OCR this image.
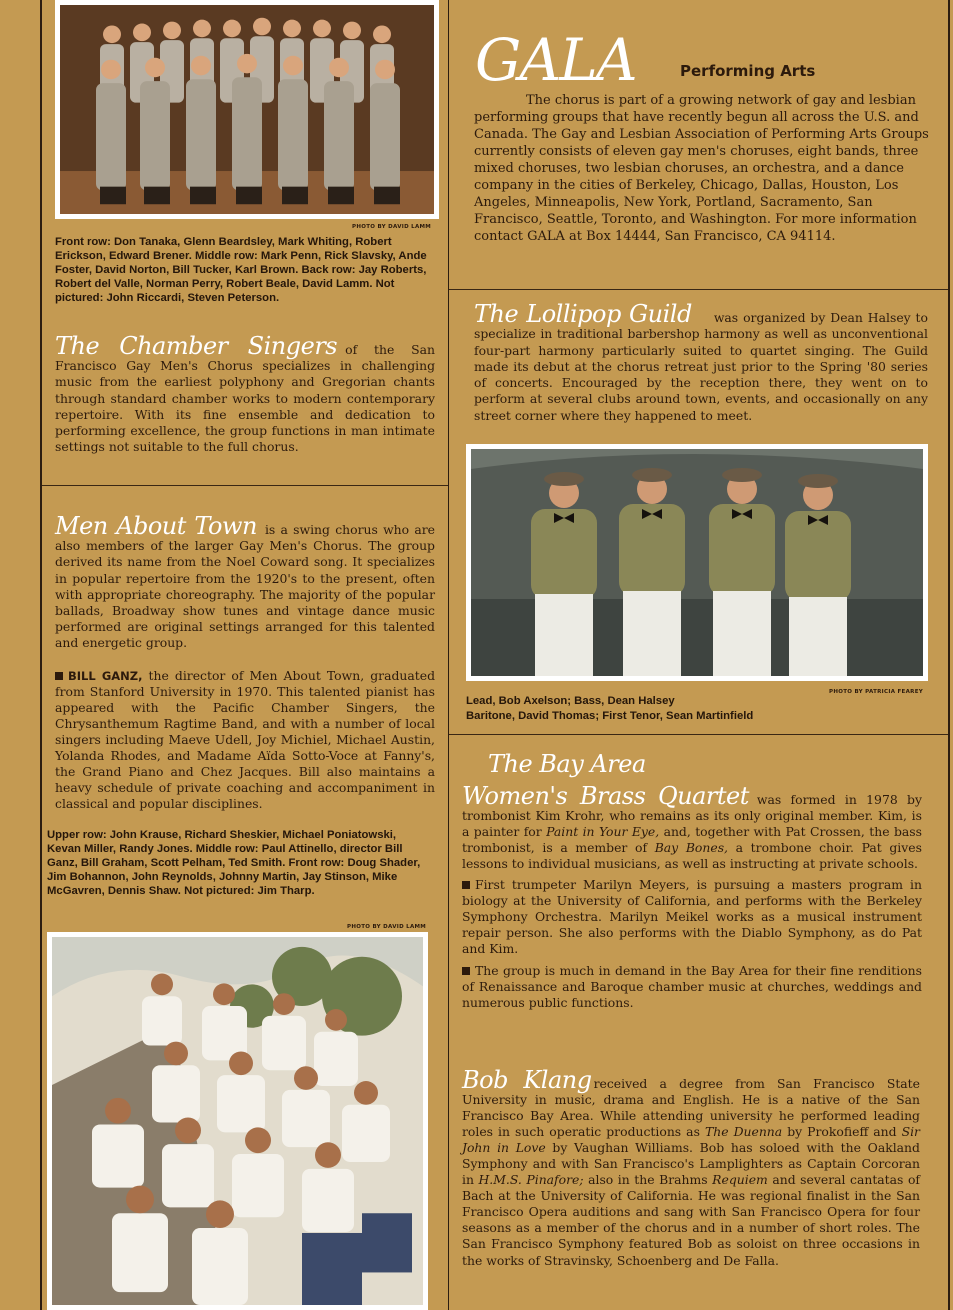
PHOTO BY DAVID LAMM
Front row: Don Tanaka, Glenn Beardsley, Mark Whiting, Robert Erickson, Edward Brener. Middle row: Mark Penn, Rick Slavsky, Ande Foster, David Norton, Bill Tucker, Karl Brown. Back row: Jay Roberts, Robert del Valle, Norman Perry, Robert Beale, David Lamm. Not pictured: John Riccardi, Steven Peterson.

The Chamber Singers of the San Francisco Gay Men's Chorus specializes in challenging music from the earliest polyphony and Gregorian chants through standard chamber works to modern contemporary repertoire. With its fine ensemble and dedication to performing excellence, the group functions in man intimate settings not suitable to the full chorus.

Men About Town is a swing chorus who are also members of the larger Gay Men's Chorus. The group derived its name from the Noel Coward song. It specializes in popular repertoire from the 1920's to the present, often with appropriate choreography. The majority of the popular ballads, Broadway show tunes and vintage dance music performed are original settings arranged for this talented and energetic group.

BILL GANZ, the director of Men About Town, graduated from Stanford University in 1970. This talented pianist has appeared with the Pacific Chamber Singers, the Chrysanthemum Ragtime Band, and with a number of local singers including Maeve Udell, Joy Michiel, Michael Austin, Yolanda Rhodes, and Madame Aïda Sotto-Voce at Fanny's, the Grand Piano and Chez Jacques. Bill also maintains a heavy schedule of private coaching and accompaniment in classical and popular disciplines.

Upper row: John Krause, Richard Sheskier, Michael Poniatowski, Kevan Miller, Randy Jones. Middle row: Paul Attinello, director Bill Ganz, Bill Graham, Scott Pelham, Ted Smith. Front row: Doug Shader, Jim Bohannon, John Reynolds, Johnny Martin, Jay Stinson, Mike McGavren, Dennis Shaw. Not pictured: Jim Tharp.
PHOTO BY DAVID LAMM
GALA	Performing Arts

The chorus is part of a growing network of gay and lesbian performing groups that have recently begun all across the U.S. and Canada. The Gay and Lesbian Association of Performing Arts Groups currently consists of eleven gay men's choruses, eight bands, three mixed choruses, two lesbian choruses, an orchestra, and a dance company in the cities of Berkeley, Chicago, Dallas, Houston, Los Angeles, Minneapolis, New York, Portland, Sacramento, San Francisco, Seattle, Toronto, and Washington. For more information contact GALA at Box 14444, San Francisco, CA 94114.

The Lollipop Guild was organized by Dean Halsey to specialize in traditional barbershop harmony as well as unconventional four-part harmony particularly suited to quartet singing. The Guild made its debut at the chorus retreat just prior to the Spring '80 series of concerts. Encouraged by the reception there, they went on to perform at several clubs around town, events, and occasionally on any street corner where they happened to meet.

PHOTO BY PATRICIA FEAREY
Lead, Bob Axelson; Bass, Dean Halsey
Baritone, David Thomas; First Tenor, Sean Martinfield
The Bay Area

Women's Brass Quartet was formed in 1978 by trombonist Kim Krohr, who remains as its only original member. Kim, is a painter for Paint in Your Eye, and, together with Pat Crossen, the bass trombonist, is a member of Bay Bones, a trombone choir. Pat gives lessons to individual musicians, as well as instructing at private schools.

First trumpeter Marilyn Meyers, is pursuing a masters program in biology at the University of California, and performs with the Berkeley Symphony Orchestra. Marilyn Meikel works as a musical instrument repair person. She also performs with the Diablo Symphony, as do Pat and Kim.

The group is much in demand in the Bay Area for their fine renditions of Renaissance and Baroque chamber music at churches, weddings and numerous public functions.

Bob Klang received a degree from San Francisco State University in music, drama and English. He is a native of the San Francisco Bay Area. While attending university he performed leading roles in such operatic productions as The Duenna by Prokofieff and Sir John in Love by Vaughan Williams. Bob has soloed with the Oakland Symphony and with San Francisco's Lamplighters as Captain Corcoran in H.M.S. Pinafore; also in the Brahms Requiem and several cantatas of Bach at the University of California. He was regional finalist in the San Francisco Opera auditions and sang with San Francisco Opera for four seasons as a member of the chorus and in a number of short roles. The San Francisco Symphony featured Bob as soloist on three occasions in the works of Stravinsky, Schoenberg and De Falla.
